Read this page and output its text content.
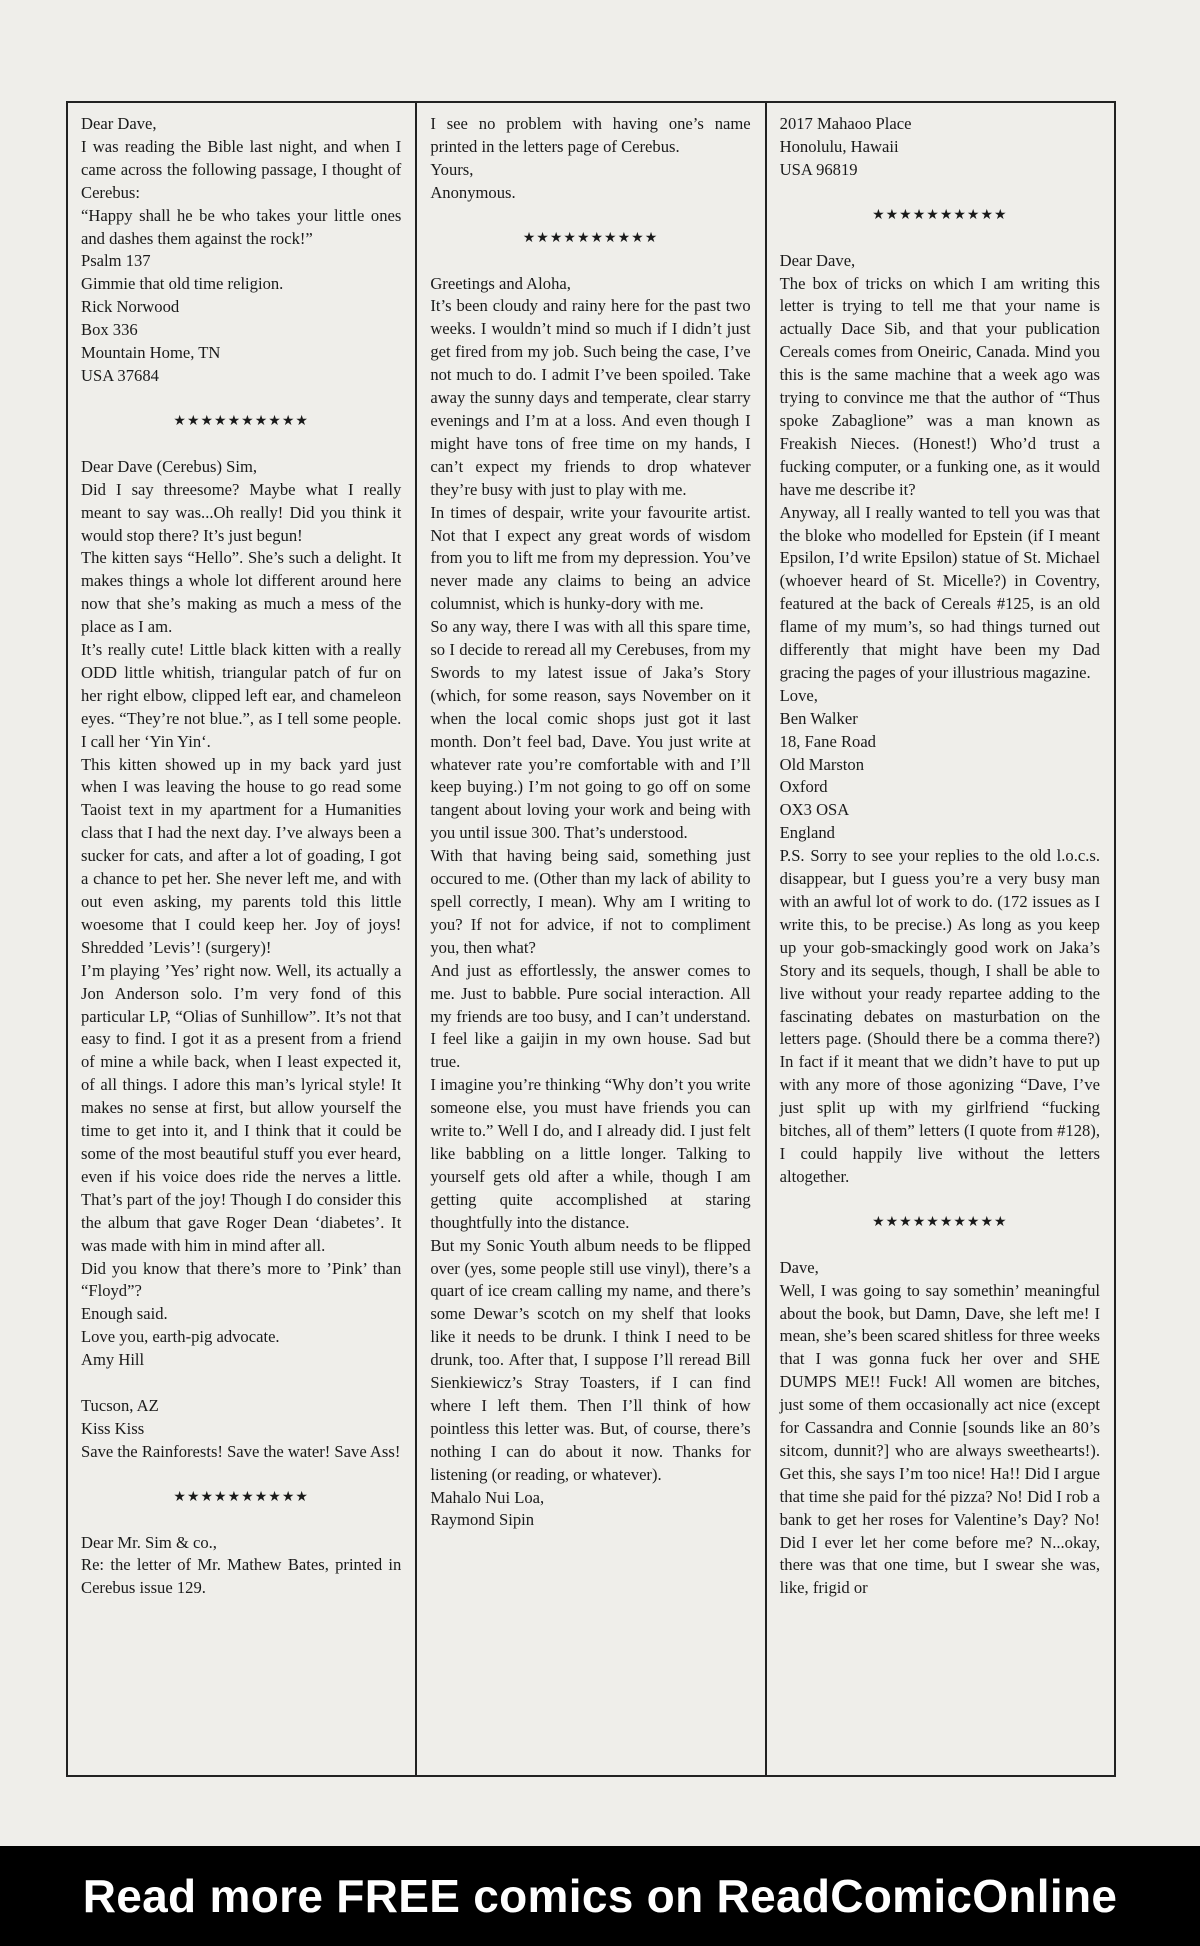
Dear Dave,

I was reading the Bible last night, and when I came across the following passage, I thought of Cerebus:

“Happy shall he be who takes your little ones and dashes them against the rock!”

Psalm 137

Gimmie that old time religion.

Rick Norwood

Box 336

Mountain Home, TN

USA 37684

★★★★★★★★★★

Dear Dave (Cerebus) Sim,

Did I say threesome? Maybe what I really meant to say was...Oh really! Did you think it would stop there? It’s just begun!

The kitten says “Hello”. She’s such a delight. It makes things a whole lot different around here now that she’s making as much a mess of the place as I am.

It’s really cute! Little black kitten with a really ODD little whitish, triangular patch of fur on her right elbow, clipped left ear, and chameleon eyes. “They’re not blue.”, as I tell some people. I call her ‘Yin Yin‘.

This kitten showed up in my back yard just when I was leaving the house to go read some Taoist text in my apartment for a Humanities class that I had the next day. I’ve always been a sucker for cats, and after a lot of goading, I got a chance to pet her. She never left me, and with out even asking, my parents told this little woesome that I could keep her. Joy of joys! Shredded ’Levis’! (surgery)!

I’m playing ’Yes’ right now. Well, its actually a Jon Anderson solo. I’m very fond of this particular LP, “Olias of Sunhillow”. It’s not that easy to find. I got it as a present from a friend of mine a while back, when I least expected it, of all things. I adore this man’s lyrical style! It makes no sense at first, but allow yourself the time to get into it, and I think that it could be some of the most beautiful stuff you ever heard, even if his voice does ride the nerves a little. That’s part of the joy! Though I do consider this the album that gave Roger Dean ‘diabetes’. It was made with him in mind after all.

Did you know that there’s more to ’Pink’ than “Floyd”?

Enough said.

Love you, earth-pig advocate.

Amy Hill

Tucson, AZ

Kiss Kiss

Save the Rainforests! Save the water! Save Ass!

★★★★★★★★★★

Dear Mr. Sim & co.,

Re: the letter of Mr. Mathew Bates, printed in Cerebus issue 129.

I see no problem with having one’s name printed in the letters page of Cerebus.

Yours,

Anonymous.

★★★★★★★★★★

Greetings and Aloha,

It’s been cloudy and rainy here for the past two weeks. I wouldn’t mind so much if I didn’t just get fired from my job. Such being the case, I’ve not much to do. I admit I’ve been spoiled. Take away the sunny days and temperate, clear starry evenings and I’m at a loss. And even though I might have tons of free time on my hands, I can’t expect my friends to drop whatever they’re busy with just to play with me.

In times of despair, write your favourite artist. Not that I expect any great words of wisdom from you to lift me from my depression. You’ve never made any claims to being an advice columnist, which is hunky-dory with me.

So any way, there I was with all this spare time, so I decide to reread all my Cerebuses, from my Swords to my latest issue of Jaka’s Story (which, for some reason, says November on it when the local comic shops just got it last month. Don’t feel bad, Dave. You just write at whatever rate you’re comfortable with and I’ll keep buying.) I’m not going to go off on some tangent about loving your work and being with you until issue 300. That’s understood.

With that having being said, something just occured to me. (Other than my lack of ability to spell correctly, I mean). Why am I writing to you? If not for advice, if not to compliment you, then what?

And just as effortlessly, the answer comes to me. Just to babble. Pure social interaction. All my friends are too busy, and I can’t understand. I feel like a gaijin in my own house. Sad but true.

I imagine you’re thinking “Why don’t you write someone else, you must have friends you can write to.” Well I do, and I already did. I just felt like babbling on a little longer. Talking to yourself gets old after a while, though I am getting quite accomplished at staring thoughtfully into the distance.

But my Sonic Youth album needs to be flipped over (yes, some people still use vinyl), there’s a quart of ice cream calling my name, and there’s some Dewar’s scotch on my shelf that looks like it needs to be drunk. I think I need to be drunk, too. After that, I suppose I’ll reread Bill Sienkiewicz’s Stray Toasters, if I can find where I left them. Then I’ll think of how pointless this letter was. But, of course, there’s nothing I can do about it now. Thanks for listening (or reading, or whatever).

Mahalo Nui Loa,

Raymond Sipin

2017 Mahaoo Place

Honolulu, Hawaii

USA 96819

★★★★★★★★★★

Dear Dave,

The box of tricks on which I am writing this letter is trying to tell me that your name is actually Dace Sib, and that your publication Cereals comes from Oneiric, Canada. Mind you this is the same machine that a week ago was trying to convince me that the author of “Thus spoke Zabaglione” was a man known as Freakish Nieces. (Honest!) Who’d trust a fucking computer, or a funking one, as it would have me describe it?

Anyway, all I really wanted to tell you was that the bloke who modelled for Epstein (if I meant Epsilon, I’d write Epsilon) statue of St. Michael (whoever heard of St. Micelle?) in Coventry, featured at the back of Cereals #125, is an old flame of my mum’s, so had things turned out differently that might have been my Dad gracing the pages of your illustrious magazine.

Love,

Ben Walker

18, Fane Road

Old Marston

Oxford

OX3 OSA

England

P.S. Sorry to see your replies to the old l.o.c.s. disappear, but I guess you’re a very busy man with an awful lot of work to do. (172 issues as I write this, to be precise.) As long as you keep up your gob-smackingly good work on Jaka’s Story and its sequels, though, I shall be able to live without your ready repartee adding to the fascinating debates on masturbation on the letters page. (Should there be a comma there?) In fact if it meant that we didn’t have to put up with any more of those agonizing “Dave, I’ve just split up with my girlfriend “fucking bitches, all of them” letters (I quote from #128), I could happily live without the letters altogether.

★★★★★★★★★★

Dave,

Well, I was going to say somethin’ meaningful about the book, but Damn, Dave, she left me! I mean, she’s been scared shitless for three weeks that I was gonna fuck her over and SHE DUMPS ME!! Fuck! All women are bitches, just some of them occasionally act nice (except for Cassandra and Connie [sounds like an 80’s sitcom, dunnit?] who are always sweethearts!). Get this, she says I’m too nice! Ha!! Did I argue that time she paid for thé pizza? No! Did I rob a bank to get her roses for Valentine’s Day? No! Did I ever let her come before me? N...okay, there was that one time, but I swear she was, like, frigid or

Read more FREE comics on ReadComicOnline
